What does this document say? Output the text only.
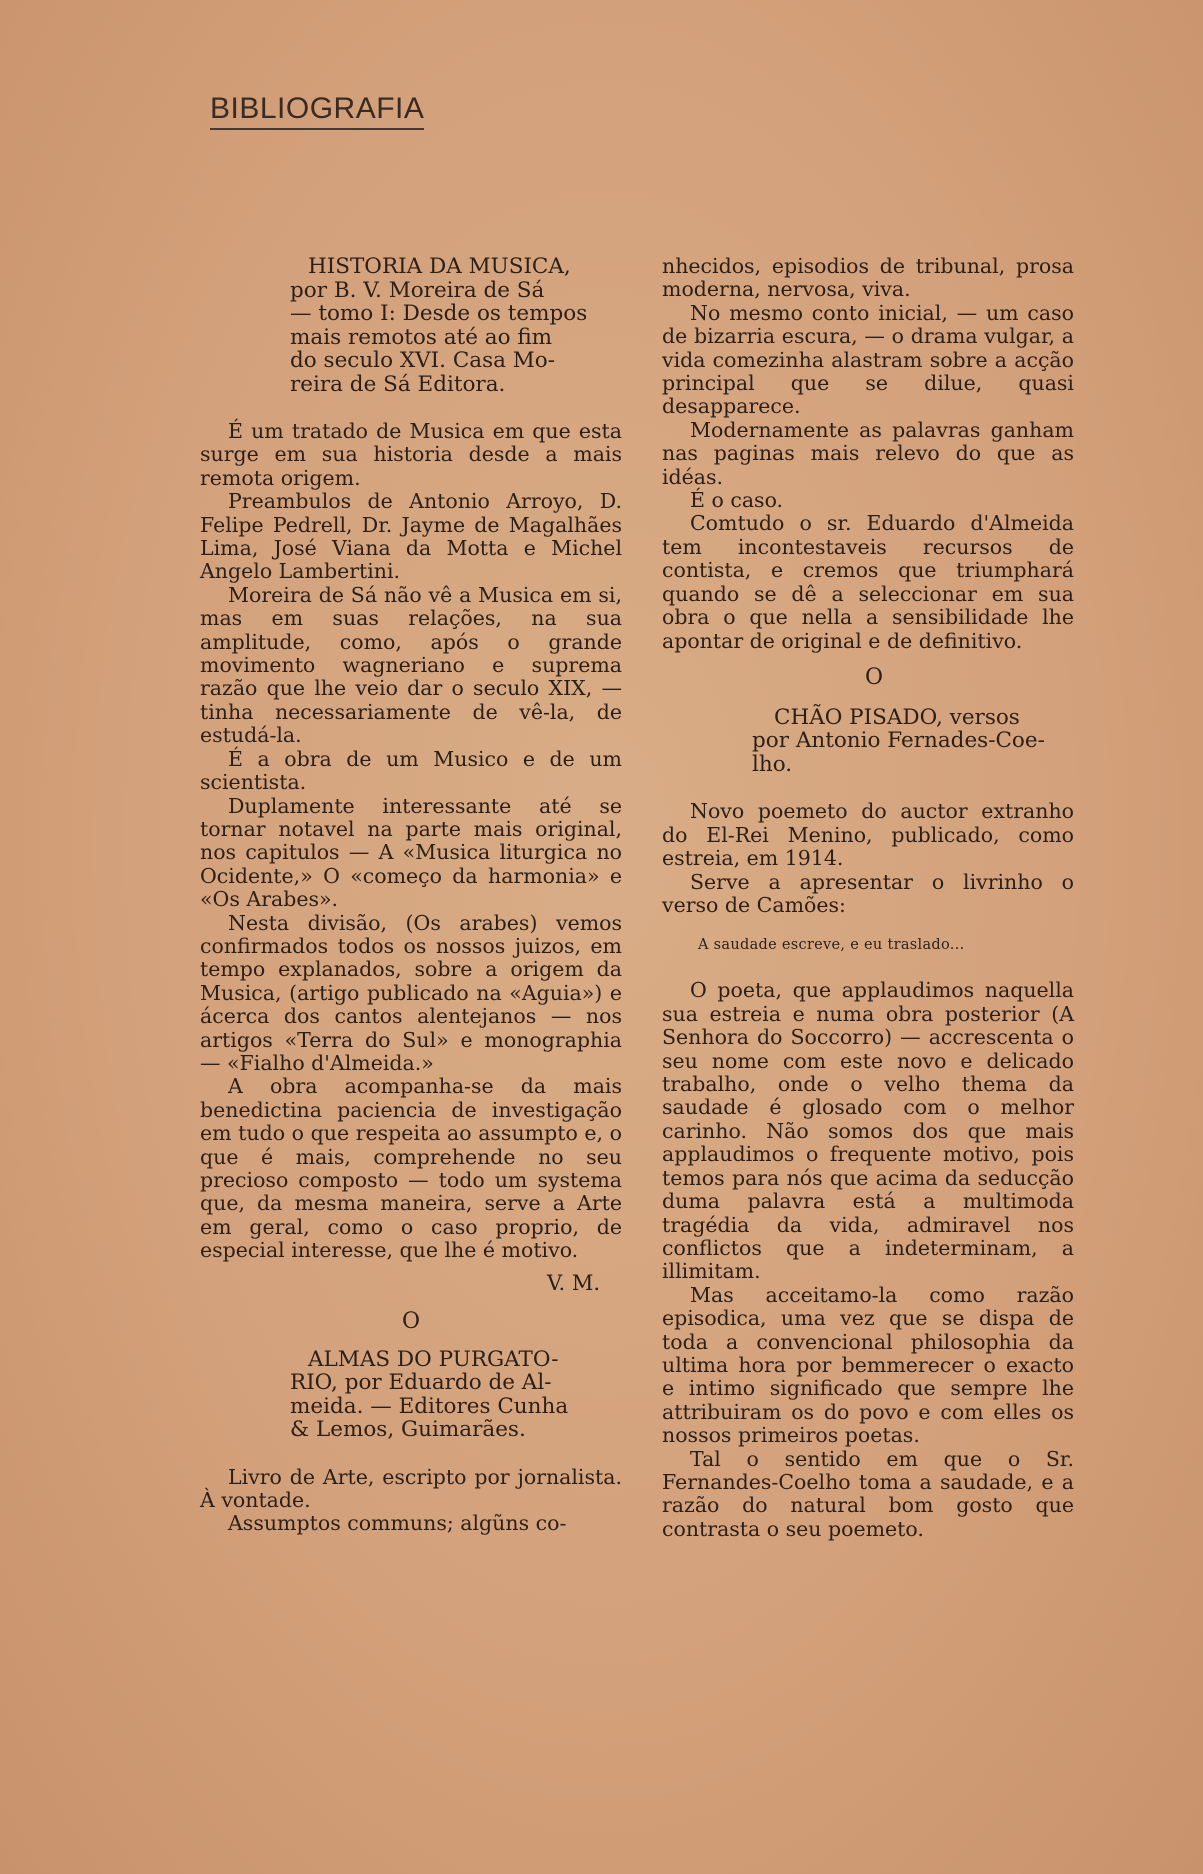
BIBLIOGRAFIA

HISTORIA DA MUSICA,

por B. V. Moreira de Sá

— tomo I: Desde os tempos

mais remotos até ao fim

do seculo XVI. Casa Mo-

reira de Sá Editora.

É um tratado de Musica em que esta surge em sua historia desde a mais remota origem.

Preambulos de Antonio Arroyo, D. Felipe Pedrell, Dr. Jayme de Magalhães Lima, José Viana da Motta e Michel Angelo Lambertini.

Moreira de Sá não vê a Musica em si, mas em suas relações, na sua amplitude, como, após o grande movimento wagneriano e suprema razão que lhe veio dar o seculo XIX, — tinha necessariamente de vê-la, de estudá-la.

É a obra de um Musico e de um scientista.

Duplamente interessante até se tornar notavel na parte mais original, nos capitulos — A «Musica liturgica no Ocidente,» O «começo da harmonia» e «Os Arabes».

Nesta divisão, (Os arabes) vemos confirmados todos os nossos juizos, em tempo explanados, sobre a origem da Musica, (artigo publicado na «Aguia») e ácerca dos cantos alentejanos — nos artigos «Terra do Sul» e monographia — «Fialho d'Almeida.»

A obra acompanha-se da mais benedictina paciencia de investigação em tudo o que respeita ao assumpto e, o que é mais, comprehende no seu precioso composto — todo um systema que, da mesma maneira, serve a Arte em geral, como o caso proprio, de especial interesse, que lhe é motivo.

V. M.

O

ALMAS DO PURGATO-

RIO, por Eduardo de Al-

meida. — Editores Cunha

& Lemos, Guimarães.

Livro de Arte, escripto por jornalista. À vontade.

Assumptos communs; algũns co-

nhecidos, episodios de tribunal, prosa moderna, nervosa, viva.

No mesmo conto inicial, — um caso de bizarria escura, — o drama vulgar, a vida comezinha alastram sobre a acção principal que se dilue, quasi desapparece.

Modernamente as palavras ganham nas paginas mais relevo do que as idéas.

É o caso.

Comtudo o sr. Eduardo d'Almeida tem incontestaveis recursos de contista, e cremos que triumphará quando se dê a seleccionar em sua obra o que nella a sensibilidade lhe apontar de original e de definitivo.

O

CHÃO PISADO, versos

por Antonio Fernades-Coe-

lho.

Novo poemeto do auctor extranho do El-Rei Menino, publicado, como estreia, em 1914.

Serve a apresentar o livrinho o verso de Camões:

A saudade escreve, e eu traslado...

O poeta, que applaudimos naquella sua estreia e numa obra posterior (A Senhora do Soccorro) — accrescenta o seu nome com este novo e delicado trabalho, onde o velho thema da saudade é glosado com o melhor carinho. Não somos dos que mais applaudimos o frequente motivo, pois temos para nós que acima da seducção duma palavra está a multimoda tragédia da vida, admiravel nos conflictos que a indeterminam, a illimitam.

Mas acceitamo-la como razão episodica, uma vez que se dispa de toda a convencional philosophia da ultima hora por bemmerecer o exacto e intimo significado que sempre lhe attribuiram os do povo e com elles os nossos primeiros poetas.

Tal o sentido em que o Sr. Fernandes-Coelho toma a saudade, e a razão do natural bom gosto que contrasta o seu poemeto.
